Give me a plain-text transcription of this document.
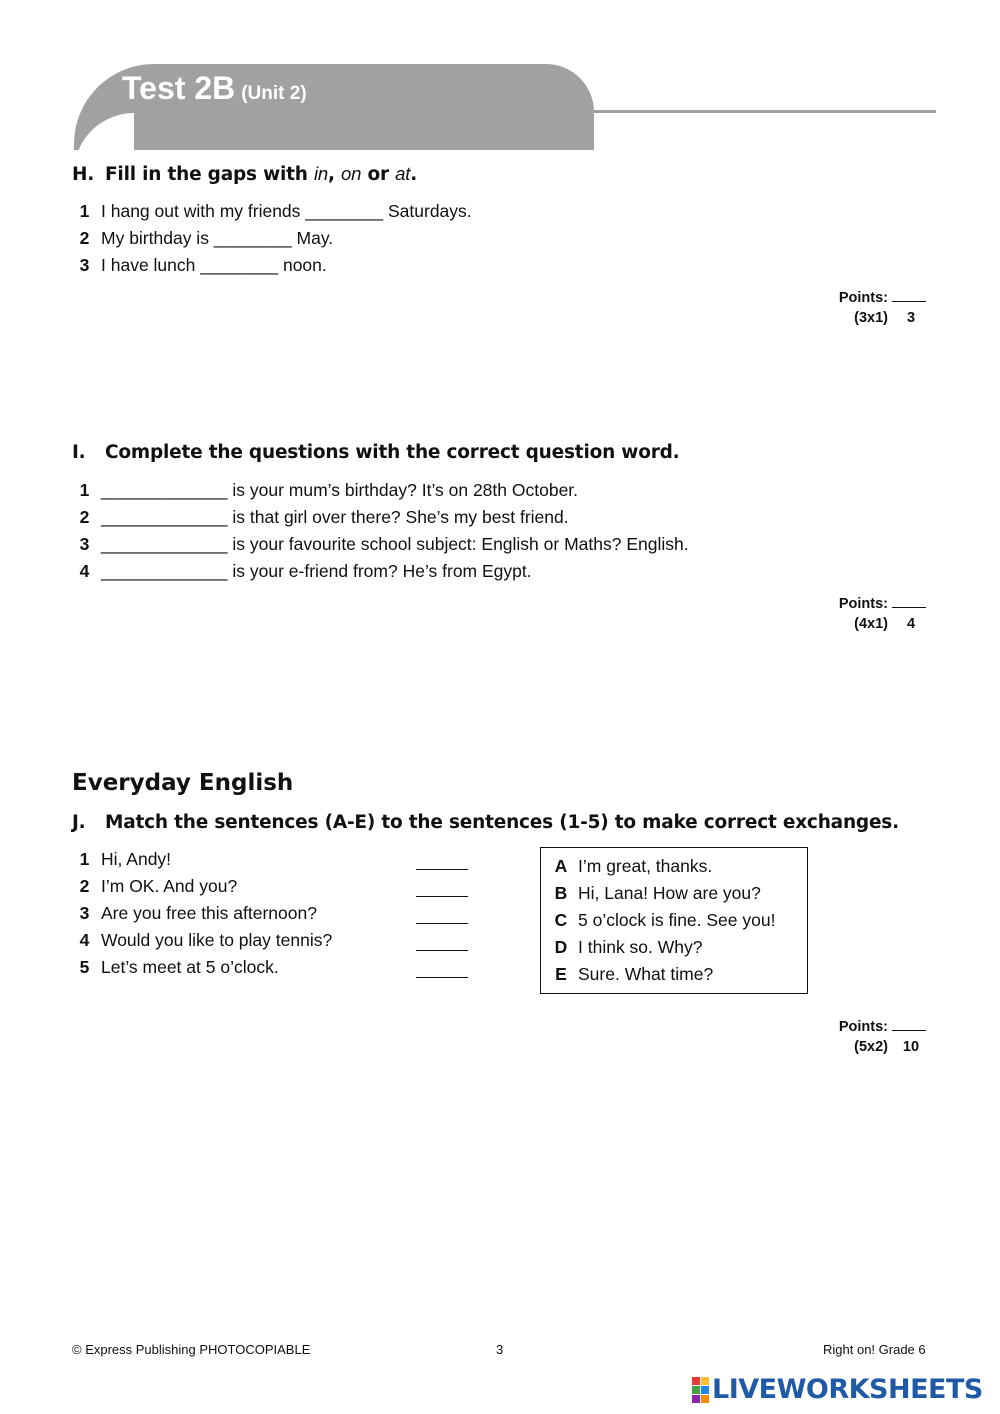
Test 2B (Unit 2)
H. Fill in the gaps with in, on or at.
1 I hang out with my friends ________ Saturdays.
2 My birthday is ________ May.
3 I have lunch ________ noon.
Points:
(3x1) 3
I. Complete the questions with the correct question word.
1 _____________ is your mum’s birthday? It’s on 28th October.
2 _____________ is that girl over there? She’s my best friend.
3 _____________ is your favourite school subject: English or Maths? English.
4 _____________ is your e-friend from? He’s from Egypt.
Points:
(4x1) 4
Everyday English
J. Match the sentences (A-E) to the sentences (1-5) to make correct exchanges.
1 Hi, Andy!
2 I’m OK. And you?
3 Are you free this afternoon?
4 Would you like to play tennis?
5 Let’s meet at 5 o’clock.
A I’m great, thanks.
B Hi, Lana! How are you?
C 5 o’clock is fine. See you!
D I think so. Why?
E Sure. What time?
Points:
(5x2) 10
© Express Publishing PHOTOCOPIABLE	3	Right on! Grade 6
LIVEWORKSHEETS
